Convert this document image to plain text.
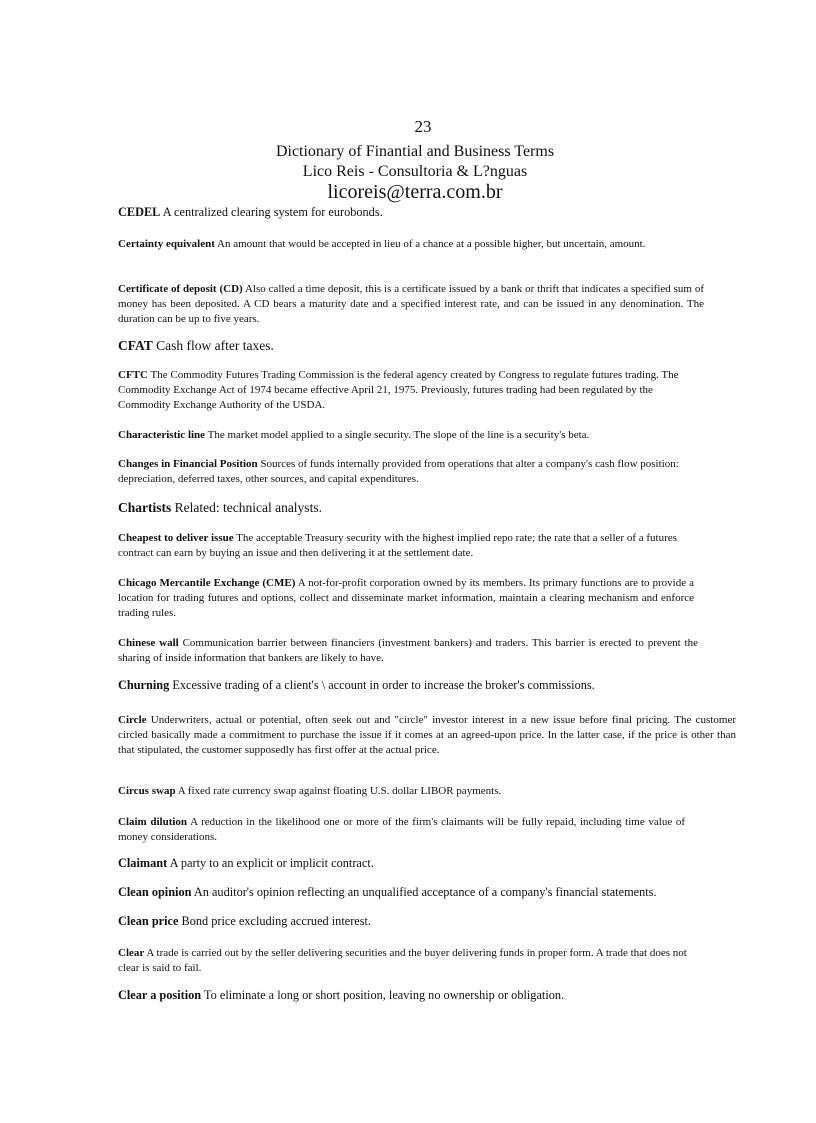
23
Dictionary of Finantial and Business Terms
Lico Reis - Consultoria & L?nguas
licoreis@terra.com.br

CEDEL A centralized clearing system for eurobonds.

Certainty equivalent An amount that would be accepted in lieu of a chance at a possible higher, but uncertain, amount.

Certificate of deposit (CD) Also called a time deposit, this is a certificate issued by a bank or thrift that indicates a specified sum of money has been deposited. A CD bears a maturity date and a specified interest rate, and can be issued in any denomination. The duration can be up to five years.

CFAT Cash flow after taxes.

CFTC The Commodity Futures Trading Commission is the federal agency created by Congress to regulate futures trading. The Commodity Exchange Act of 1974 became effective April 21, 1975. Previously, futures trading had been regulated by the Commodity Exchange Authority of the USDA.

Characteristic line The market model applied to a single security. The slope of the line is a security's beta.

Changes in Financial Position Sources of funds internally provided from operations that alter a company's cash flow position: depreciation, deferred taxes, other sources, and capital expenditures.

Chartists Related: technical analysts.

Cheapest to deliver issue The acceptable Treasury security with the highest implied repo rate; the rate that a seller of a futures contract can earn by buying an issue and then delivering it at the settlement date.

Chicago Mercantile Exchange (CME) A not-for-profit corporation owned by its members. Its primary functions are to provide a location for trading futures and options, collect and disseminate market information, maintain a clearing mechanism and enforce trading rules.

Chinese wall Communication barrier between financiers (investment bankers) and traders. This barrier is erected to prevent the sharing of inside information that bankers are likely to have.

Churning Excessive trading of a client's \ account in order to increase the broker's commissions.

Circle Underwriters, actual or potential, often seek out and "circle" investor interest in a new issue before final pricing. The customer circled basically made a commitment to purchase the issue if it comes at an agreed-upon price. In the latter case, if the price is other than that stipulated, the customer supposedly has first offer at the actual price.

Circus swap A fixed rate currency swap against floating U.S. dollar LIBOR payments.

Claim dilution A reduction in the likelihood one or more of the firm's claimants will be fully repaid, including time value of money considerations.

Claimant A party to an explicit or implicit contract.

Clean opinion An auditor's opinion reflecting an unqualified acceptance of a company's financial statements.

Clean price Bond price excluding accrued interest.

Clear A trade is carried out by the seller delivering securities and the buyer delivering funds in proper form. A trade that does not clear is said to fail.

Clear a position To eliminate a long or short position, leaving no ownership or obligation.
